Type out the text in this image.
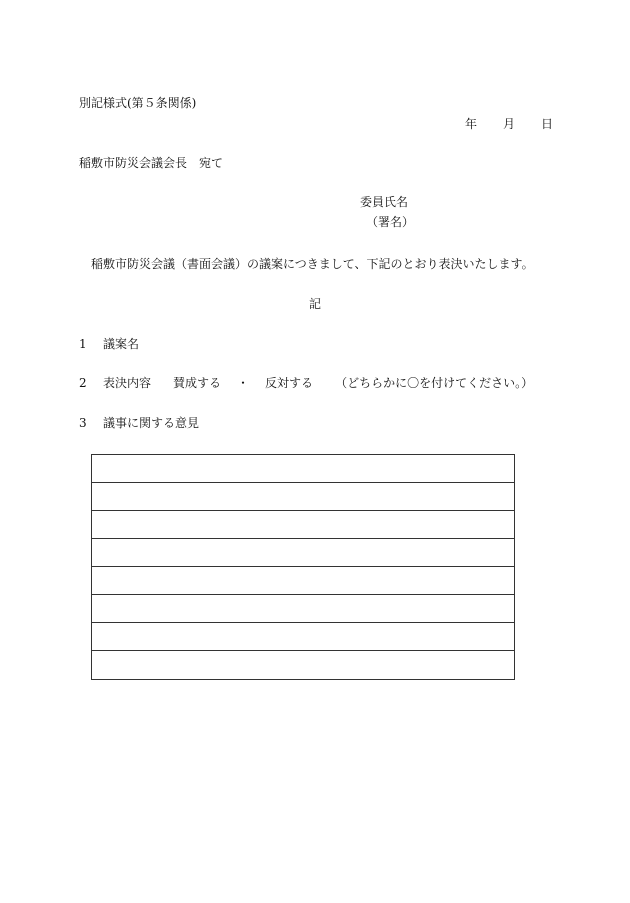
別記様式(第５条関係)
年 月 日
稲敷市防災会議会長 宛て
委員氏名
（署名）
稲敷市防災会議（書面会議）の議案につきまして、下記のとおり表決いたします。
記
1 議案名
2 表決内容 賛成する ・ 反対する （どちらかに〇を付けてください。）
3 議事に関する意見
